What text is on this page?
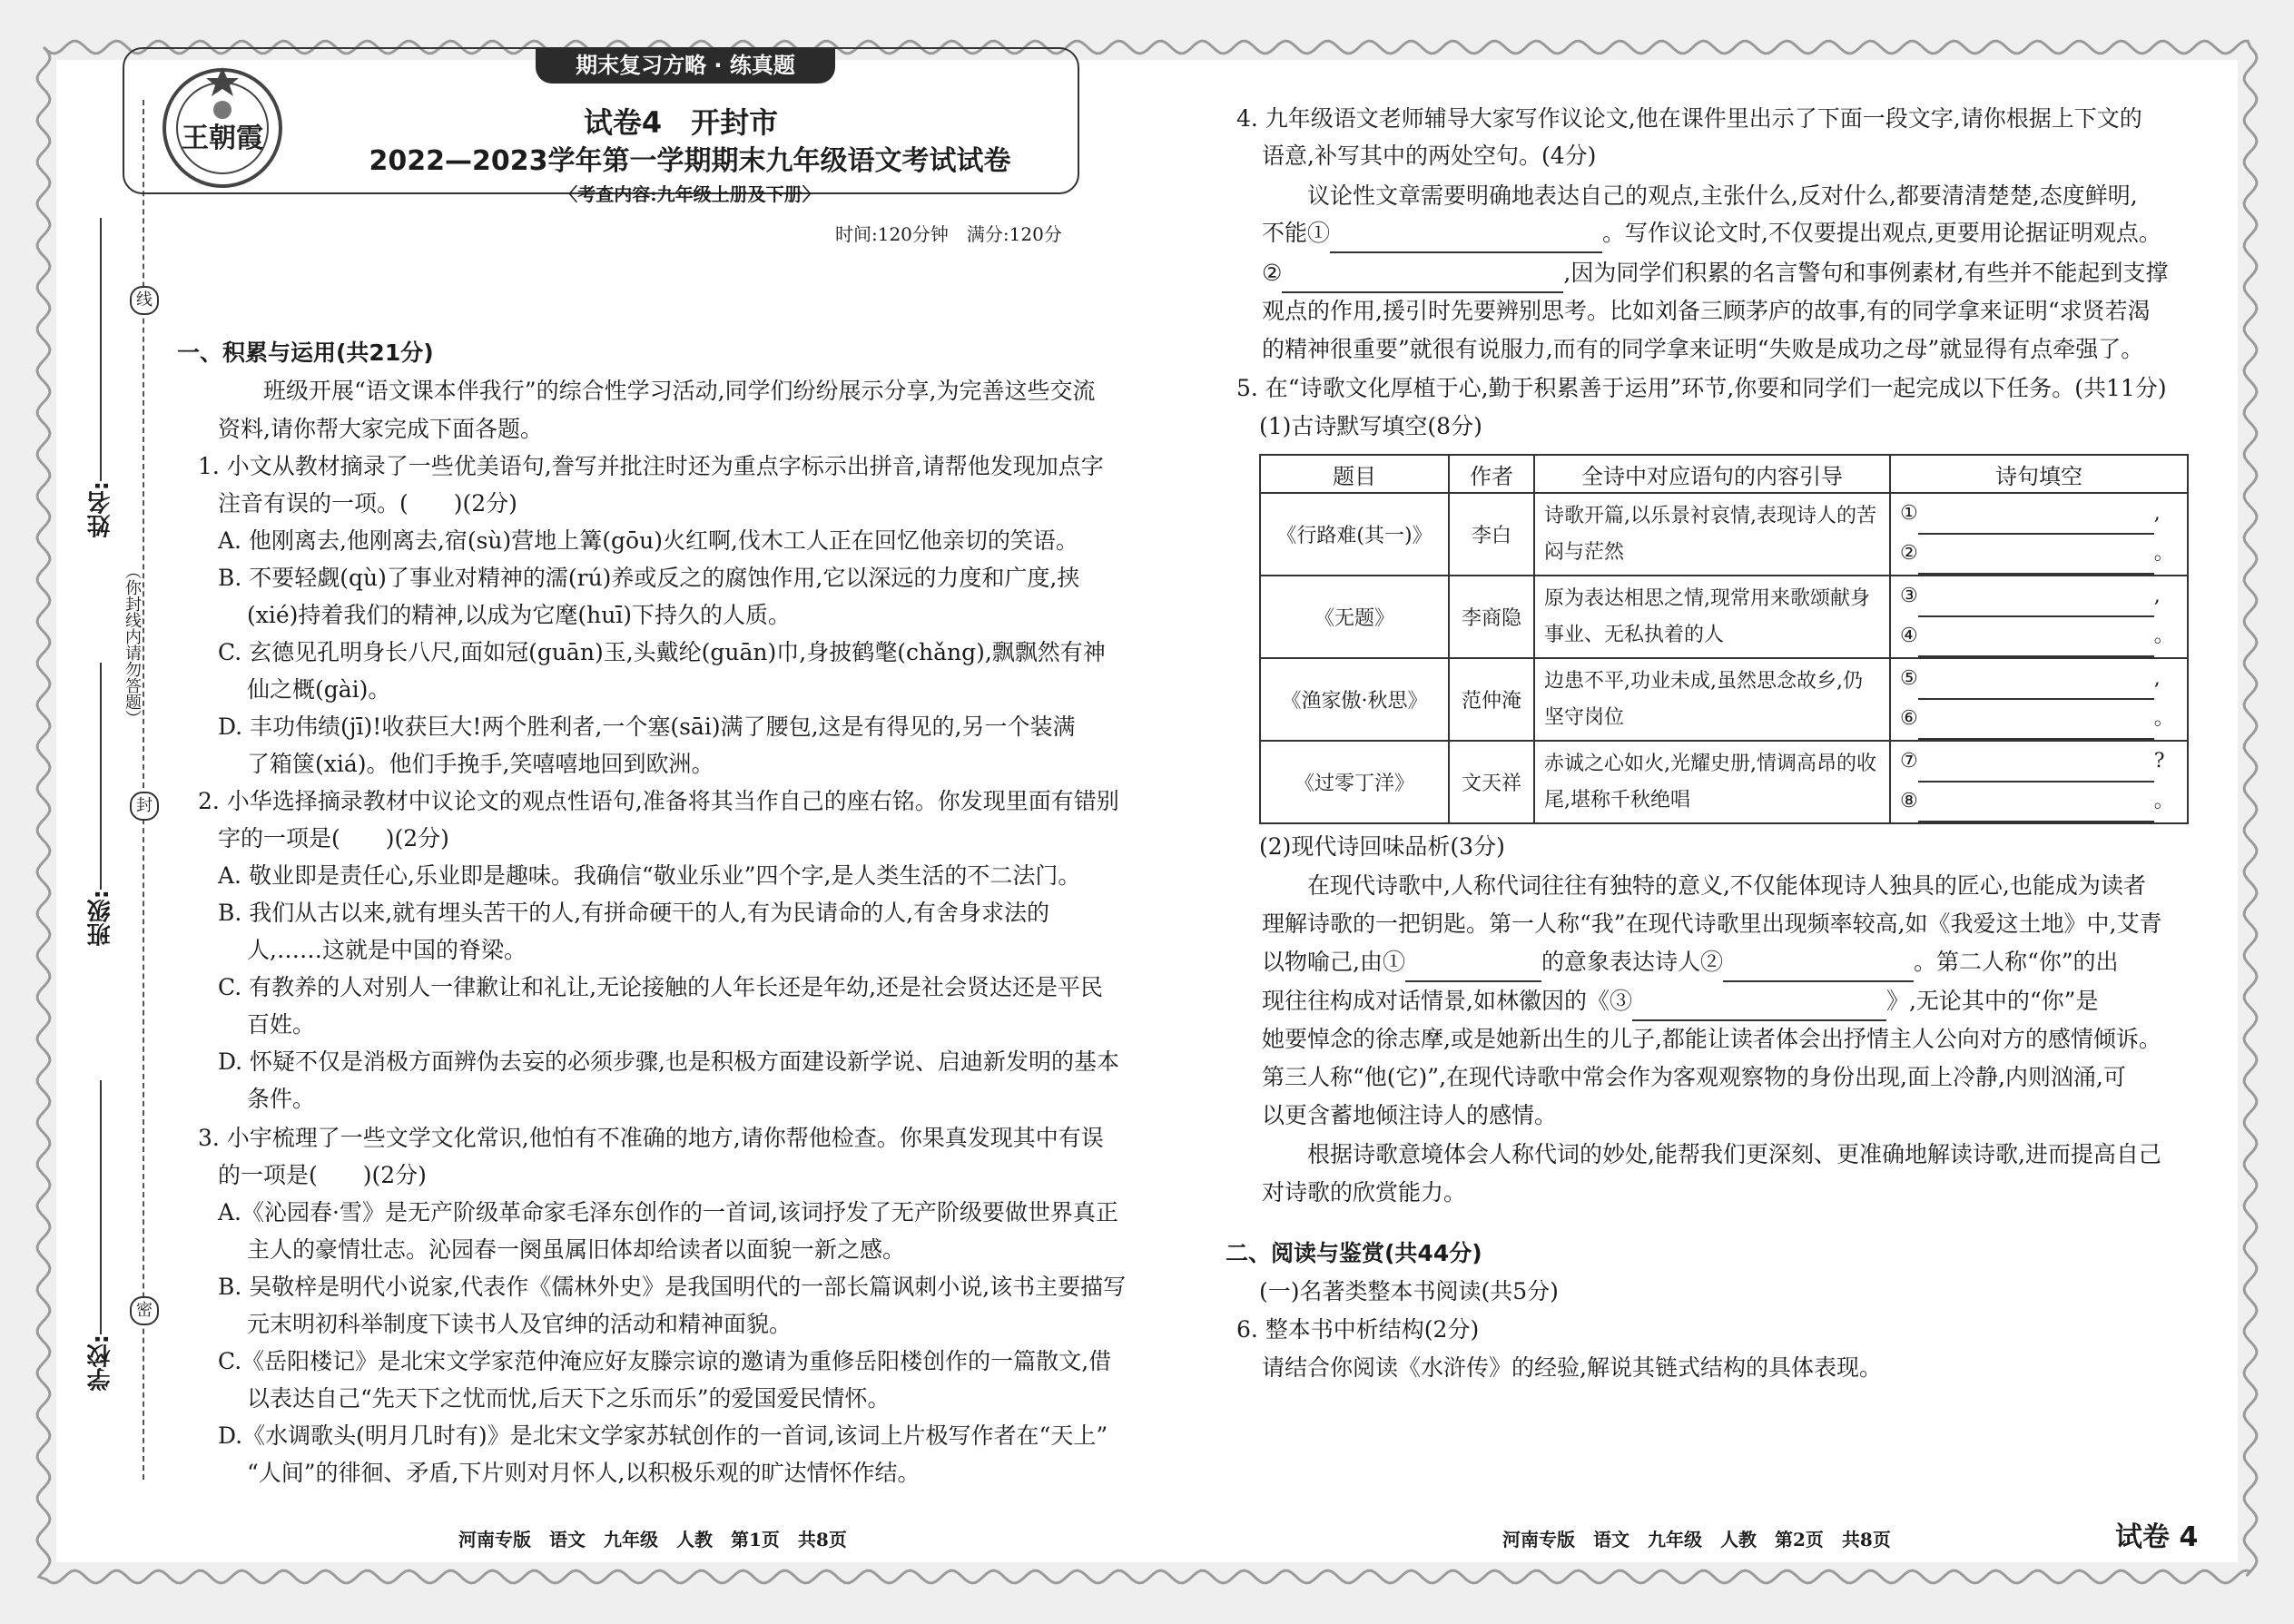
线
封
密
（你封线内请勿答题）
姓名:
班级:
学校:
王朝霞
期末复习方略 · 练真题
试卷4　开封市
2022—2023学年第一学期期末九年级语文考试试卷
〈考查内容:九年级上册及下册〉
时间:120分钟　满分:120分
一、积累与运用(共21分)
班级开展“语文课本伴我行”的综合性学习活动,同学们纷纷展示分享,为完善这些交流
资料,请你帮大家完成下面各题。
1. 小文从教材摘录了一些优美语句,誊写并批注时还为重点字标示出拼音,请帮他发现加点字
注音有误的一项。(　　)(2分)
A. 他刚离去,他刚离去,宿(sù)营地上篝(gōu)火红啊,伐木工人正在回忆他亲切的笑语。
B. 不要轻觑(qù)了事业对精神的濡(rú)养或反之的腐蚀作用,它以深远的力度和广度,挟
(xié)持着我们的精神,以成为它麾(huī)下持久的人质。
C. 玄德见孔明身长八尺,面如冠(guān)玉,头戴纶(guān)巾,身披鹤氅(chǎng),飘飘然有神
仙之概(gài)。
D. 丰功伟绩(jī)!收获巨大!两个胜利者,一个塞(sāi)满了腰包,这是有得见的,另一个装满
了箱箧(xiá)。他们手挽手,笑嘻嘻地回到欧洲。
2. 小华选择摘录教材中议论文的观点性语句,准备将其当作自己的座右铭。你发现里面有错别
字的一项是(　　)(2分)
A. 敬业即是责任心,乐业即是趣味。我确信“敬业乐业”四个字,是人类生活的不二法门。
B. 我们从古以来,就有埋头苦干的人,有拼命硬干的人,有为民请命的人,有舍身求法的
人,……这就是中国的脊梁。
C. 有教养的人对别人一律歉让和礼让,无论接触的人年长还是年幼,还是社会贤达还是平民
百姓。
D. 怀疑不仅是消极方面辨伪去妄的必须步骤,也是积极方面建设新学说、启迪新发明的基本
条件。
3. 小宇梳理了一些文学文化常识,他怕有不准确的地方,请你帮他检查。你果真发现其中有误
的一项是(　　)(2分)
A.《沁园春·雪》是无产阶级革命家毛泽东创作的一首词,该词抒发了无产阶级要做世界真正
主人的豪情壮志。沁园春一阕虽属旧体却给读者以面貌一新之感。
B. 吴敬梓是明代小说家,代表作《儒林外史》是我国明代的一部长篇讽刺小说,该书主要描写
元末明初科举制度下读书人及官绅的活动和精神面貌。
C.《岳阳楼记》是北宋文学家范仲淹应好友滕宗谅的邀请为重修岳阳楼创作的一篇散文,借
以表达自己“先天下之忧而忧,后天下之乐而乐”的爱国爱民情怀。
D.《水调歌头(明月几时有)》是北宋文学家苏轼创作的一首词,该词上片极写作者在“天上”
“人间”的徘徊、矛盾,下片则对月怀人,以积极乐观的旷达情怀作结。
河南专版　语文　九年级　人教　第1页　共8页
4. 九年级语文老师辅导大家写作议论文,他在课件里出示了下面一段文字,请你根据上下文的
语意,补写其中的两处空句。(4分)
议论性文章需要明确地表达自己的观点,主张什么,反对什么,都要清清楚楚,态度鲜明,
不能①	。写作议论文时,不仅要提出观点,更要用论据证明观点。
②	,因为同学们积累的名言警句和事例素材,有些并不能起到支撑
观点的作用,援引时先要辨别思考。比如刘备三顾茅庐的故事,有的同学拿来证明“求贤若渴
的精神很重要”就很有说服力,而有的同学拿来证明“失败是成功之母”就显得有点牵强了。
5. 在“诗歌文化厚植于心,勤于积累善于运用”环节,你要和同学们一起完成以下任务。(共11分)
(1)古诗默写填空(8分)
题目	作者	全诗中对应语句的内容引导	诗句填空
《行路难(其一)》	李白	诗歌开篇,以乐景衬哀情,表现诗人的苦闷与茫然	① ,
② 。
《无题》	李商隐	原为表达相思之情,现常用来歌颂献身事业、无私执着的人	③ ,
④ 。
《渔家傲·秋思》	范仲淹	边患不平,功业未成,虽然思念故乡,仍坚守岗位	⑤ ,
⑥ 。
《过零丁洋》	文天祥	赤诚之心如火,光耀史册,情调高昂的收尾,堪称千秋绝唱	⑦ ?
⑧ 。
(2)现代诗回味品析(3分)
在现代诗歌中,人称代词往往有独特的意义,不仅能体现诗人独具的匠心,也能成为读者
理解诗歌的一把钥匙。第一人称“我”在现代诗歌里出现频率较高,如《我爱这土地》中,艾青
以物喻己,由①	的意象表达诗人②	。第二人称“你”的出
现往往构成对话情景,如林徽因的《③	》,无论其中的“你”是
她要悼念的徐志摩,或是她新出生的儿子,都能让读者体会出抒情主人公向对方的感情倾诉。
第三人称“他(它)”,在现代诗歌中常会作为客观观察物的身份出现,面上冷静,内则汹涌,可
以更含蓄地倾注诗人的感情。
根据诗歌意境体会人称代词的妙处,能帮我们更深刻、更准确地解读诗歌,进而提高自己
对诗歌的欣赏能力。
二、阅读与鉴赏(共44分)
(一)名著类整本书阅读(共5分)
6. 整本书中析结构(2分)
请结合你阅读《水浒传》的经验,解说其链式结构的具体表现。
河南专版　语文　九年级　人教　第2页　共8页	试卷 4
